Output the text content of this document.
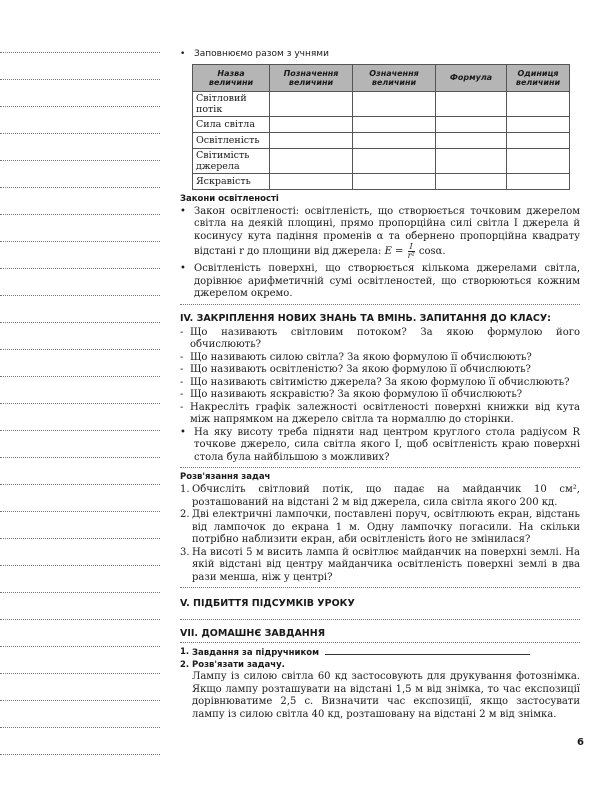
• Заповнюємо разом з учнями
Назва величини	Позначення величини	Означення величини	Формула	Одиниця величини
Світловий потік				
Сила світла				
Освітленість				
Світимість джерела				
Яскравість				
Закони освітленості
• Закон освітленості: освітленість, що створюється точковим джерелом світла на деякій площині, прямо пропорційна силі світла I джерела й косинусу кута падіння променів α та обернено пропорційна квадрату відстані r до площини від джерела: $E = \frac{I}{\text{r²}} \cos\alpha$.
• Освітленість поверхні, що створюється кількома джерелами світла, дорівнює арифметичній сумі освітленостей, що створюються кожним джерелом окремо.
IV. ЗАКРІПЛЕННЯ НОВИХ ЗНАНЬ ТА ВМІНЬ. ЗАПИТАННЯ ДО КЛАСУ:
- Що називають світловим потоком? За якою формулою його обчислюють?
- Що називають силою світла? За якою формулою її обчислюють?
- Що називають освітленістю? За якою формулою її обчислюють?
- Що називають світимістю джерела? За якою формулою її обчислюють?
- Що називають яскравістю? За якою формулою її обчислюють?
- Накресліть графік залежності освітленості поверхні книжки від кута між напрямком на джерело світла та нормаллю до сторінки.
• На яку висоту треба підняти над центром круглого стола радіусом R точкове джерело, сила світла якого I, щоб освітленість краю поверхні стола була найбільшою з можливих?
Розв'язання задач
1. Обчисліть світловий потік, що падає на майданчик 10 см², розташований на відстані 2 м від джерела, сила світла якого 200 кд.
2. Дві електричні лампочки, поставлені поруч, освітлюють екран, відстань від лампочок до екрана 1 м. Одну лампочку погасили. На скільки потрібно наблизити екран, аби освітленість його не змінилася?
3. На висоті 5 м висить лампа й освітлює майданчик на поверхні землі. На якій відстані від центру майданчика освітленість поверхні землі в два рази менша, ніж у центрі?
V. ПІДБИТТЯ ПІДСУМКІВ УРОКУ
VII. ДОМАШНЄ ЗАВДАННЯ
1. Завдання за підручником
2. Розв'язати задачу.
Лампу із силою світла 60 кд застосовують для друкування фотознімка. Якщо лампу розташувати на відстані 1,5 м від знімка, то час експозиції дорівнюватиме 2,5 с. Визначити час експозиції, якщо застосувати лампу із силою світла 40 кд, розташовану на відстані 2 м від знімка.
6
